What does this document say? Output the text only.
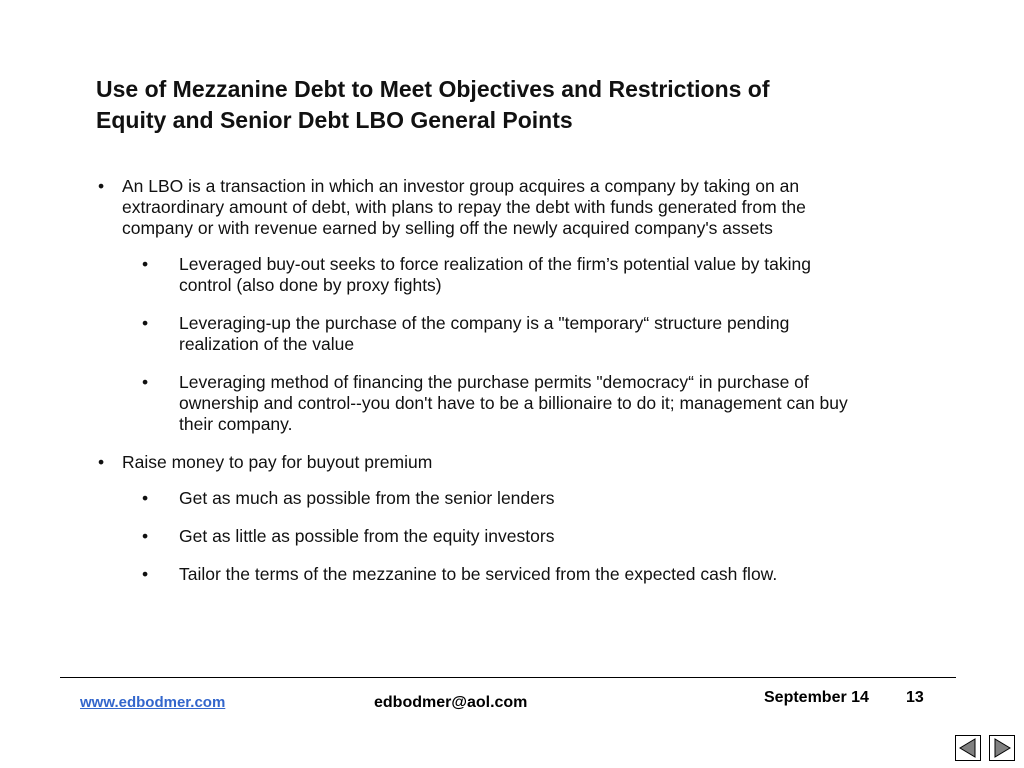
Use of Mezzanine Debt to Meet Objectives and Restrictions of
Equity and Senior Debt LBO General Points
• An LBO is a transaction in which an investor group acquires a company by taking on an extraordinary amount of debt, with plans to repay the debt with funds generated from the company or with revenue earned by selling off the newly acquired company's assets
• Leveraged buy-out seeks to force realization of the firm’s potential value by taking control (also done by proxy fights)
• Leveraging-up the purchase of the company is a "temporary“ structure pending realization of the value
• Leveraging method of financing the purchase permits "democracy“ in purchase of ownership and control--you don't have to be a billionaire to do it; management can buy their company.
• Raise money to pay for buyout premium
• Get as much as possible from the senior lenders
• Get as little as possible from the equity investors
• Tailor the terms of the mezzanine to be serviced from the expected cash flow.
www.edbodmer.com	edbodmer@aol.com	September 14 13
